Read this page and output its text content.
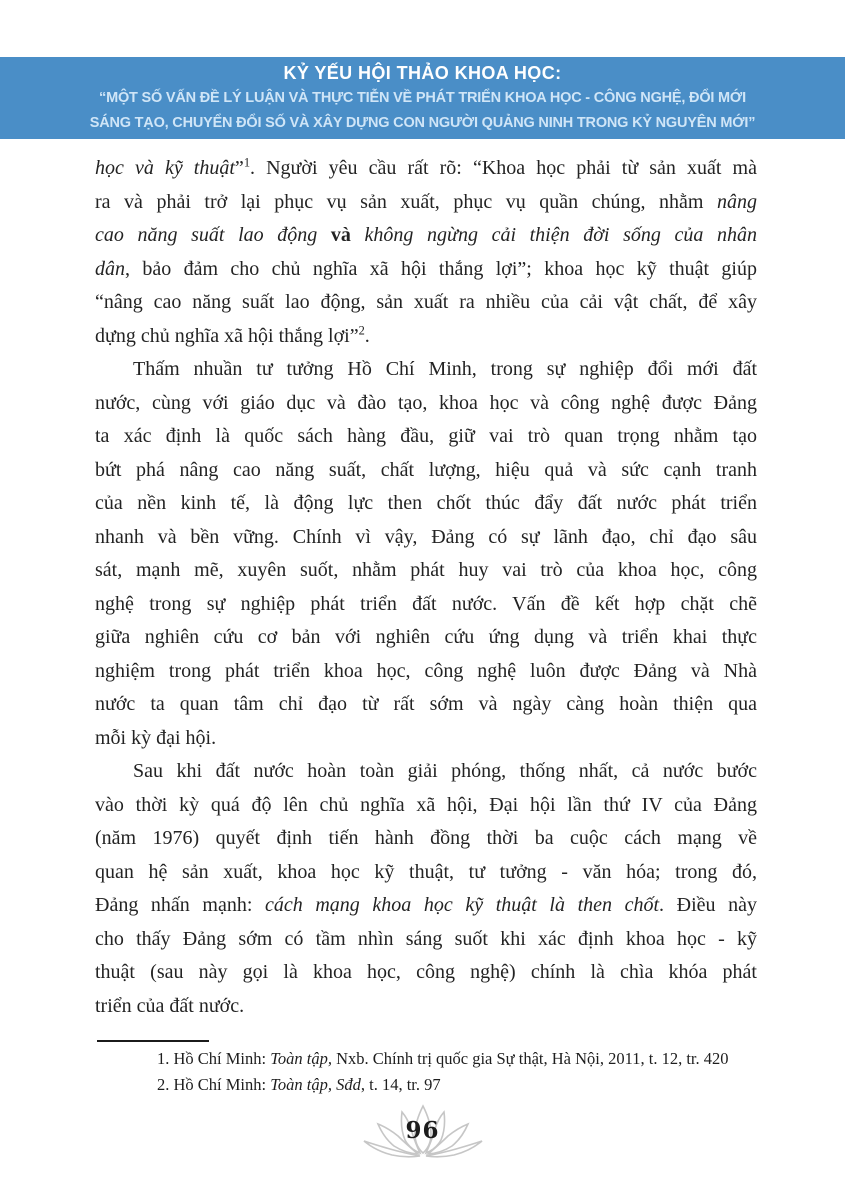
KỶ YẾU HỘI THẢO KHOA HỌC:
“MỘT SỐ VẤN ĐỀ LÝ LUẬN VÀ THỰC TIỄN VỀ PHÁT TRIỂN KHOA HỌC - CÔNG NGHỆ, ĐỔI MỚI
SÁNG TẠO, CHUYỂN ĐỔI SỐ VÀ XÂY DỰNG CON NGƯỜI QUẢNG NINH TRONG KỶ NGUYÊN MỚI”
học và kỹ thuật”$^1$. Người yêu cầu rất rõ: “Khoa học phải từ sản xuất mà
ra và phải trở lại phục vụ sản xuất, phục vụ quần chúng, nhằm nâng
cao năng suất lao động và không ngừng cải thiện đời sống của nhân
dân, bảo đảm cho chủ nghĩa xã hội thắng lợi”; khoa học kỹ thuật giúp
“nâng cao năng suất lao động, sản xuất ra nhiều của cải vật chất, để xây
dựng chủ nghĩa xã hội thắng lợi”$^2$.
Thấm nhuần tư tưởng Hồ Chí Minh, trong sự nghiệp đổi mới đất
nước, cùng với giáo dục và đào tạo, khoa học và công nghệ được Đảng
ta xác định là quốc sách hàng đầu, giữ vai trò quan trọng nhằm tạo
bứt phá nâng cao năng suất, chất lượng, hiệu quả và sức cạnh tranh
của nền kinh tế, là động lực then chốt thúc đẩy đất nước phát triển
nhanh và bền vững. Chính vì vậy, Đảng có sự lãnh đạo, chỉ đạo sâu
sát, mạnh mẽ, xuyên suốt, nhằm phát huy vai trò của khoa học, công
nghệ trong sự nghiệp phát triển đất nước. Vấn đề kết hợp chặt chẽ
giữa nghiên cứu cơ bản với nghiên cứu ứng dụng và triển khai thực
nghiệm trong phát triển khoa học, công nghệ luôn được Đảng và Nhà
nước ta quan tâm chỉ đạo từ rất sớm và ngày càng hoàn thiện qua
mỗi kỳ đại hội.
Sau khi đất nước hoàn toàn giải phóng, thống nhất, cả nước bước
vào thời kỳ quá độ lên chủ nghĩa xã hội, Đại hội lần thứ IV của Đảng
(năm 1976) quyết định tiến hành đồng thời ba cuộc cách mạng về
quan hệ sản xuất, khoa học kỹ thuật, tư tưởng - văn hóa; trong đó,
Đảng nhấn mạnh: cách mạng khoa học kỹ thuật là then chốt. Điều này
cho thấy Đảng sớm có tầm nhìn sáng suốt khi xác định khoa học - kỹ
thuật (sau này gọi là khoa học, công nghệ) chính là chìa khóa phát
triển của đất nước.
1. Hồ Chí Minh: Toàn tập, Nxb. Chính trị quốc gia Sự thật, Hà Nội, 2011, t. 12, tr. 420
2. Hồ Chí Minh: Toàn tập, Sđd, t. 14, tr. 97
96
